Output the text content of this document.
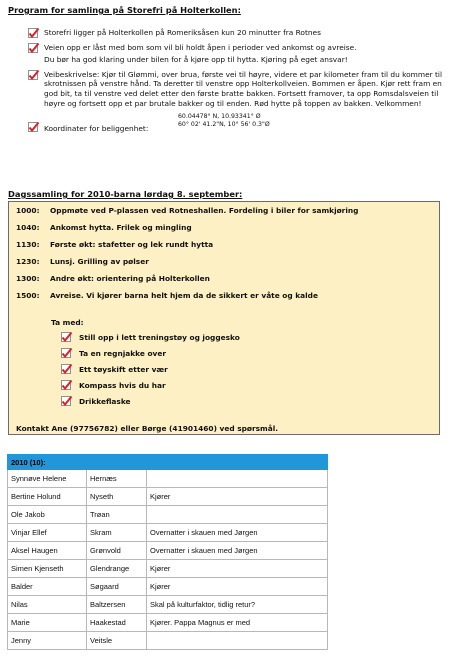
Program for samlinga på Storefri på Holterkollen:
Storefri ligger på Holterkollen på Romeriksåsen kun 20 minutter fra Rotnes
Veien opp er låst med bom som vil bli holdt åpen i perioder ved ankomst og avreise.
Du bør ha god klaring under bilen for å kjøre opp til hytta. Kjøring på eget ansvar!
Veibeskrivelse: Kjør til Glømmi, over brua, første vei til høyre, videre et par kilometer fram til du kommer til skrotnissen på venstre hånd. Ta deretter til venstre opp Holterkollveien. Bommen er åpen. Kjør rett fram en god bit, ta til venstre ved delet etter den første bratte bakken. Fortsett framover, ta opp Romsdalsveien til høyre og fortsett opp et par brutale bakker og til enden. Rød hytte på toppen av bakken. Velkommen!
Koordinater for beliggenhet:
60.04478° N, 10.93341° Ø
60° 02' 41.2"N, 10° 56' 0.3"Ø
Dagssamling for 2010-barna lørdag 8. september:
1000: Oppmøte ved P-plassen ved Rotneshallen. Fordeling i biler for samkjøring
1040: Ankomst hytta. Frilek og mingling
1130: Første økt: stafetter og lek rundt hytta
1230: Lunsj. Grilling av pølser
1300: Andre økt: orientering på Holterkollen
1500: Avreise. Vi kjører barna helt hjem da de sikkert er våte og kalde
Ta med:
Still opp i lett treningstøy og joggesko
Ta en regnjakke over
Ett tøyskift etter vær
Kompass hvis du har
Drikkeflaske
Kontakt Ane (97756782) eller Børge (41901460) ved spørsmål.
2010 (10):		
Synnøve Helene	Hernæs	
Bertine Holund	Nyseth	Kjører
Ole Jakob	Trøan	
Vinjar Ellef	Skram	Overnatter i skauen med Jørgen
Aksel Haugen	Grønvold	Overnatter i skauen med Jørgen
Simen Kjenseth	Glendrange	Kjører
Balder	Søgaard	Kjører
Nilas	Baltzersen	Skal på kulturfaktor, tidlig retur?
Marie	Haakestad	Kjører. Pappa Magnus er med
Jenny	Veitsle	
